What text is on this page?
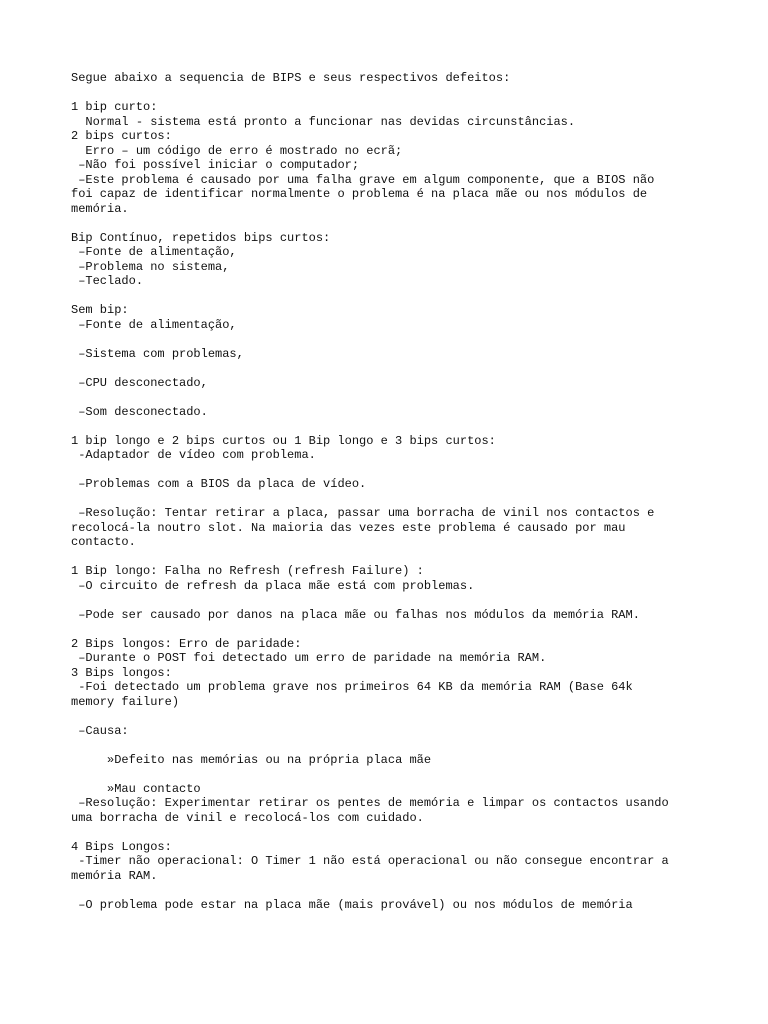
Segue abaixo a sequencia de BIPS e seus respectivos defeitos:
1 bip curto:
Normal - sistema está pronto a funcionar nas devidas circunstâncias.
2 bips curtos:
Erro – um código de erro é mostrado no ecrã;
–Não foi possível iniciar o computador;
–Este problema é causado por uma falha grave em algum componente, que a BIOS não
foi capaz de identificar normalmente o problema é na placa mãe ou nos módulos de
memória.
Bip Contínuo, repetidos bips curtos:
–Fonte de alimentação,
–Problema no sistema,
–Teclado.
Sem bip:
–Fonte de alimentação,
–Sistema com problemas,
–CPU desconectado,
–Som desconectado.
1 bip longo e 2 bips curtos ou 1 Bip longo e 3 bips curtos:
-Adaptador de vídeo com problema.
–Problemas com a BIOS da placa de vídeo.
–Resolução: Tentar retirar a placa, passar uma borracha de vinil nos contactos e
recolocá-la noutro slot. Na maioria das vezes este problema é causado por mau
contacto.
1 Bip longo: Falha no Refresh (refresh Failure) :
–O circuito de refresh da placa mãe está com problemas.
–Pode ser causado por danos na placa mãe ou falhas nos módulos da memória RAM.
2 Bips longos: Erro de paridade:
–Durante o POST foi detectado um erro de paridade na memória RAM.
3 Bips longos:
-Foi detectado um problema grave nos primeiros 64 KB da memória RAM (Base 64k
memory failure)
–Causa:
»Defeito nas memórias ou na própria placa mãe
»Mau contacto
–Resolução: Experimentar retirar os pentes de memória e limpar os contactos usando
uma borracha de vinil e recolocá-los com cuidado.
4 Bips Longos:
-Timer não operacional: O Timer 1 não está operacional ou não consegue encontrar a
memória RAM.
–O problema pode estar na placa mãe (mais provável) ou nos módulos de memória
